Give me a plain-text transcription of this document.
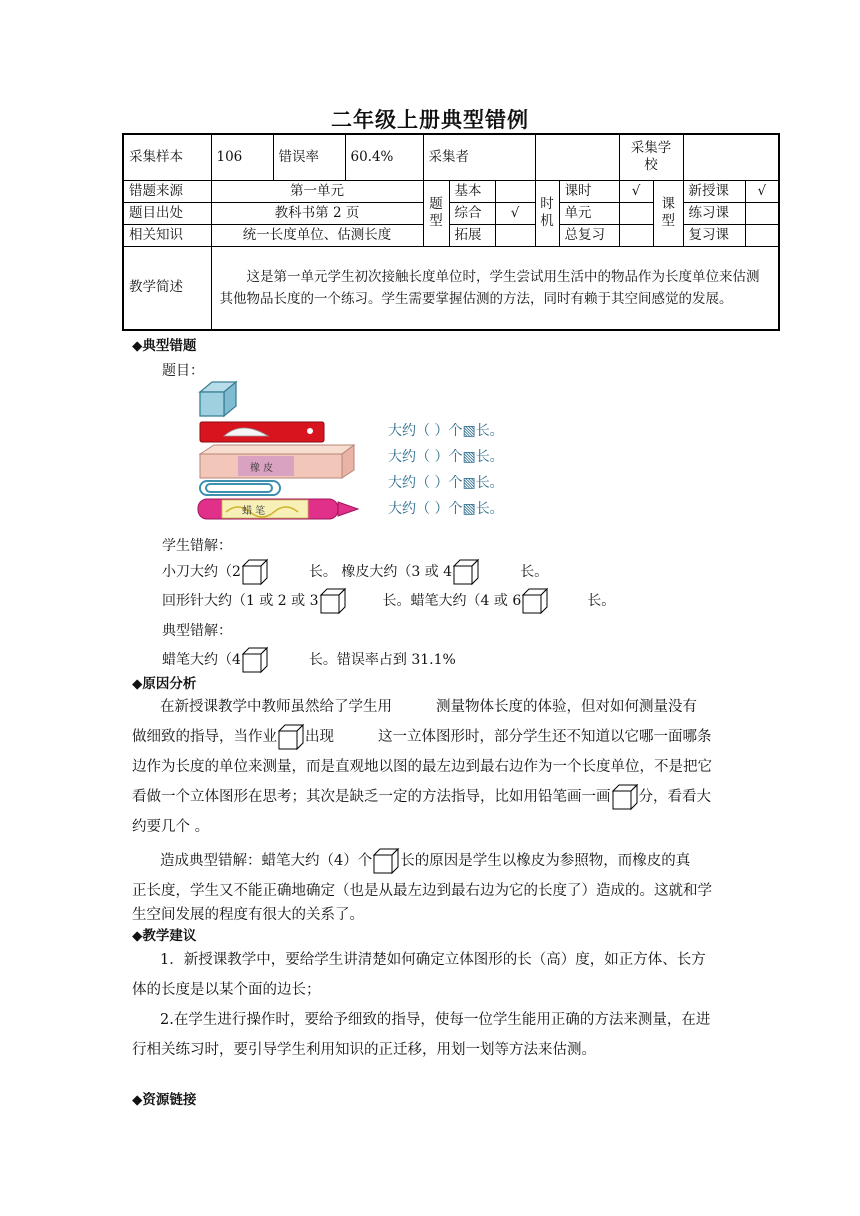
二年级上册典型错例
采集样本	106	错误率	60.4%	采集者					采集学校			
错题来源	第一单元			题型	基本		时机	课时	√	课型	新授课	√
题目出处	教科书第 2 页				综合	√		单元			练习课	
相关知识	统一长度单位、估测长度				拓展			总复习			复习课	
教学简述	这是第一单元学生初次接触长度单位时，学生尝试用生活中的物品作为长度单位来估测其他物品长度的一个练习。学生需要掌握估测的方法，同时有赖于其空间感觉的发展。											
◆典型错题
题目：
橡 皮
蜡 笔
大约（ ）个▧长。
大约（ ）个▧长。
大约（ ）个▧长。
大约（ ）个▧长。
学生错解：
小刀大约（2	长。 橡皮大约（3 或 4	长。
回形针大约（1 或 2 或 3	长。蜡笔大约（4 或 6	长。
典型错解：
蜡笔大约（4	长。错误率占到 31.1%
◆原因分析
在新授课教学中教师虽然给了学生用	测量物体长度的体验，但对如何测量没有
做细致的指导，当作业 出现	这一立体图形时，部分学生还不知道以它哪一面哪条
边作为长度的单位来测量，而是直观地以图的最左边到最右边作为一个长度单位，不是把它
看做一个立体图形在思考；其次是缺乏一定的方法指导，比如用铅笔画一画 分，看看大
约要几个 。
造成典型错解：蜡笔大约（4）个 长的原因是学生以橡皮为参照物，而橡皮的真
正长度，学生又不能正确地确定（也是从最左边到最右边为它的长度了）造成的。这就和学
生空间发展的程度有很大的关系了。
◆教学建议
1．新授课教学中，要给学生讲清楚如何确定立体图形的长（高）度，如正方体、长方
体的长度是以某个面的边长；
2.在学生进行操作时，要给予细致的指导，使每一位学生能用正确的方法来测量，在进
行相关练习时，要引导学生利用知识的正迁移，用划一划等方法来估测。
◆资源链接
